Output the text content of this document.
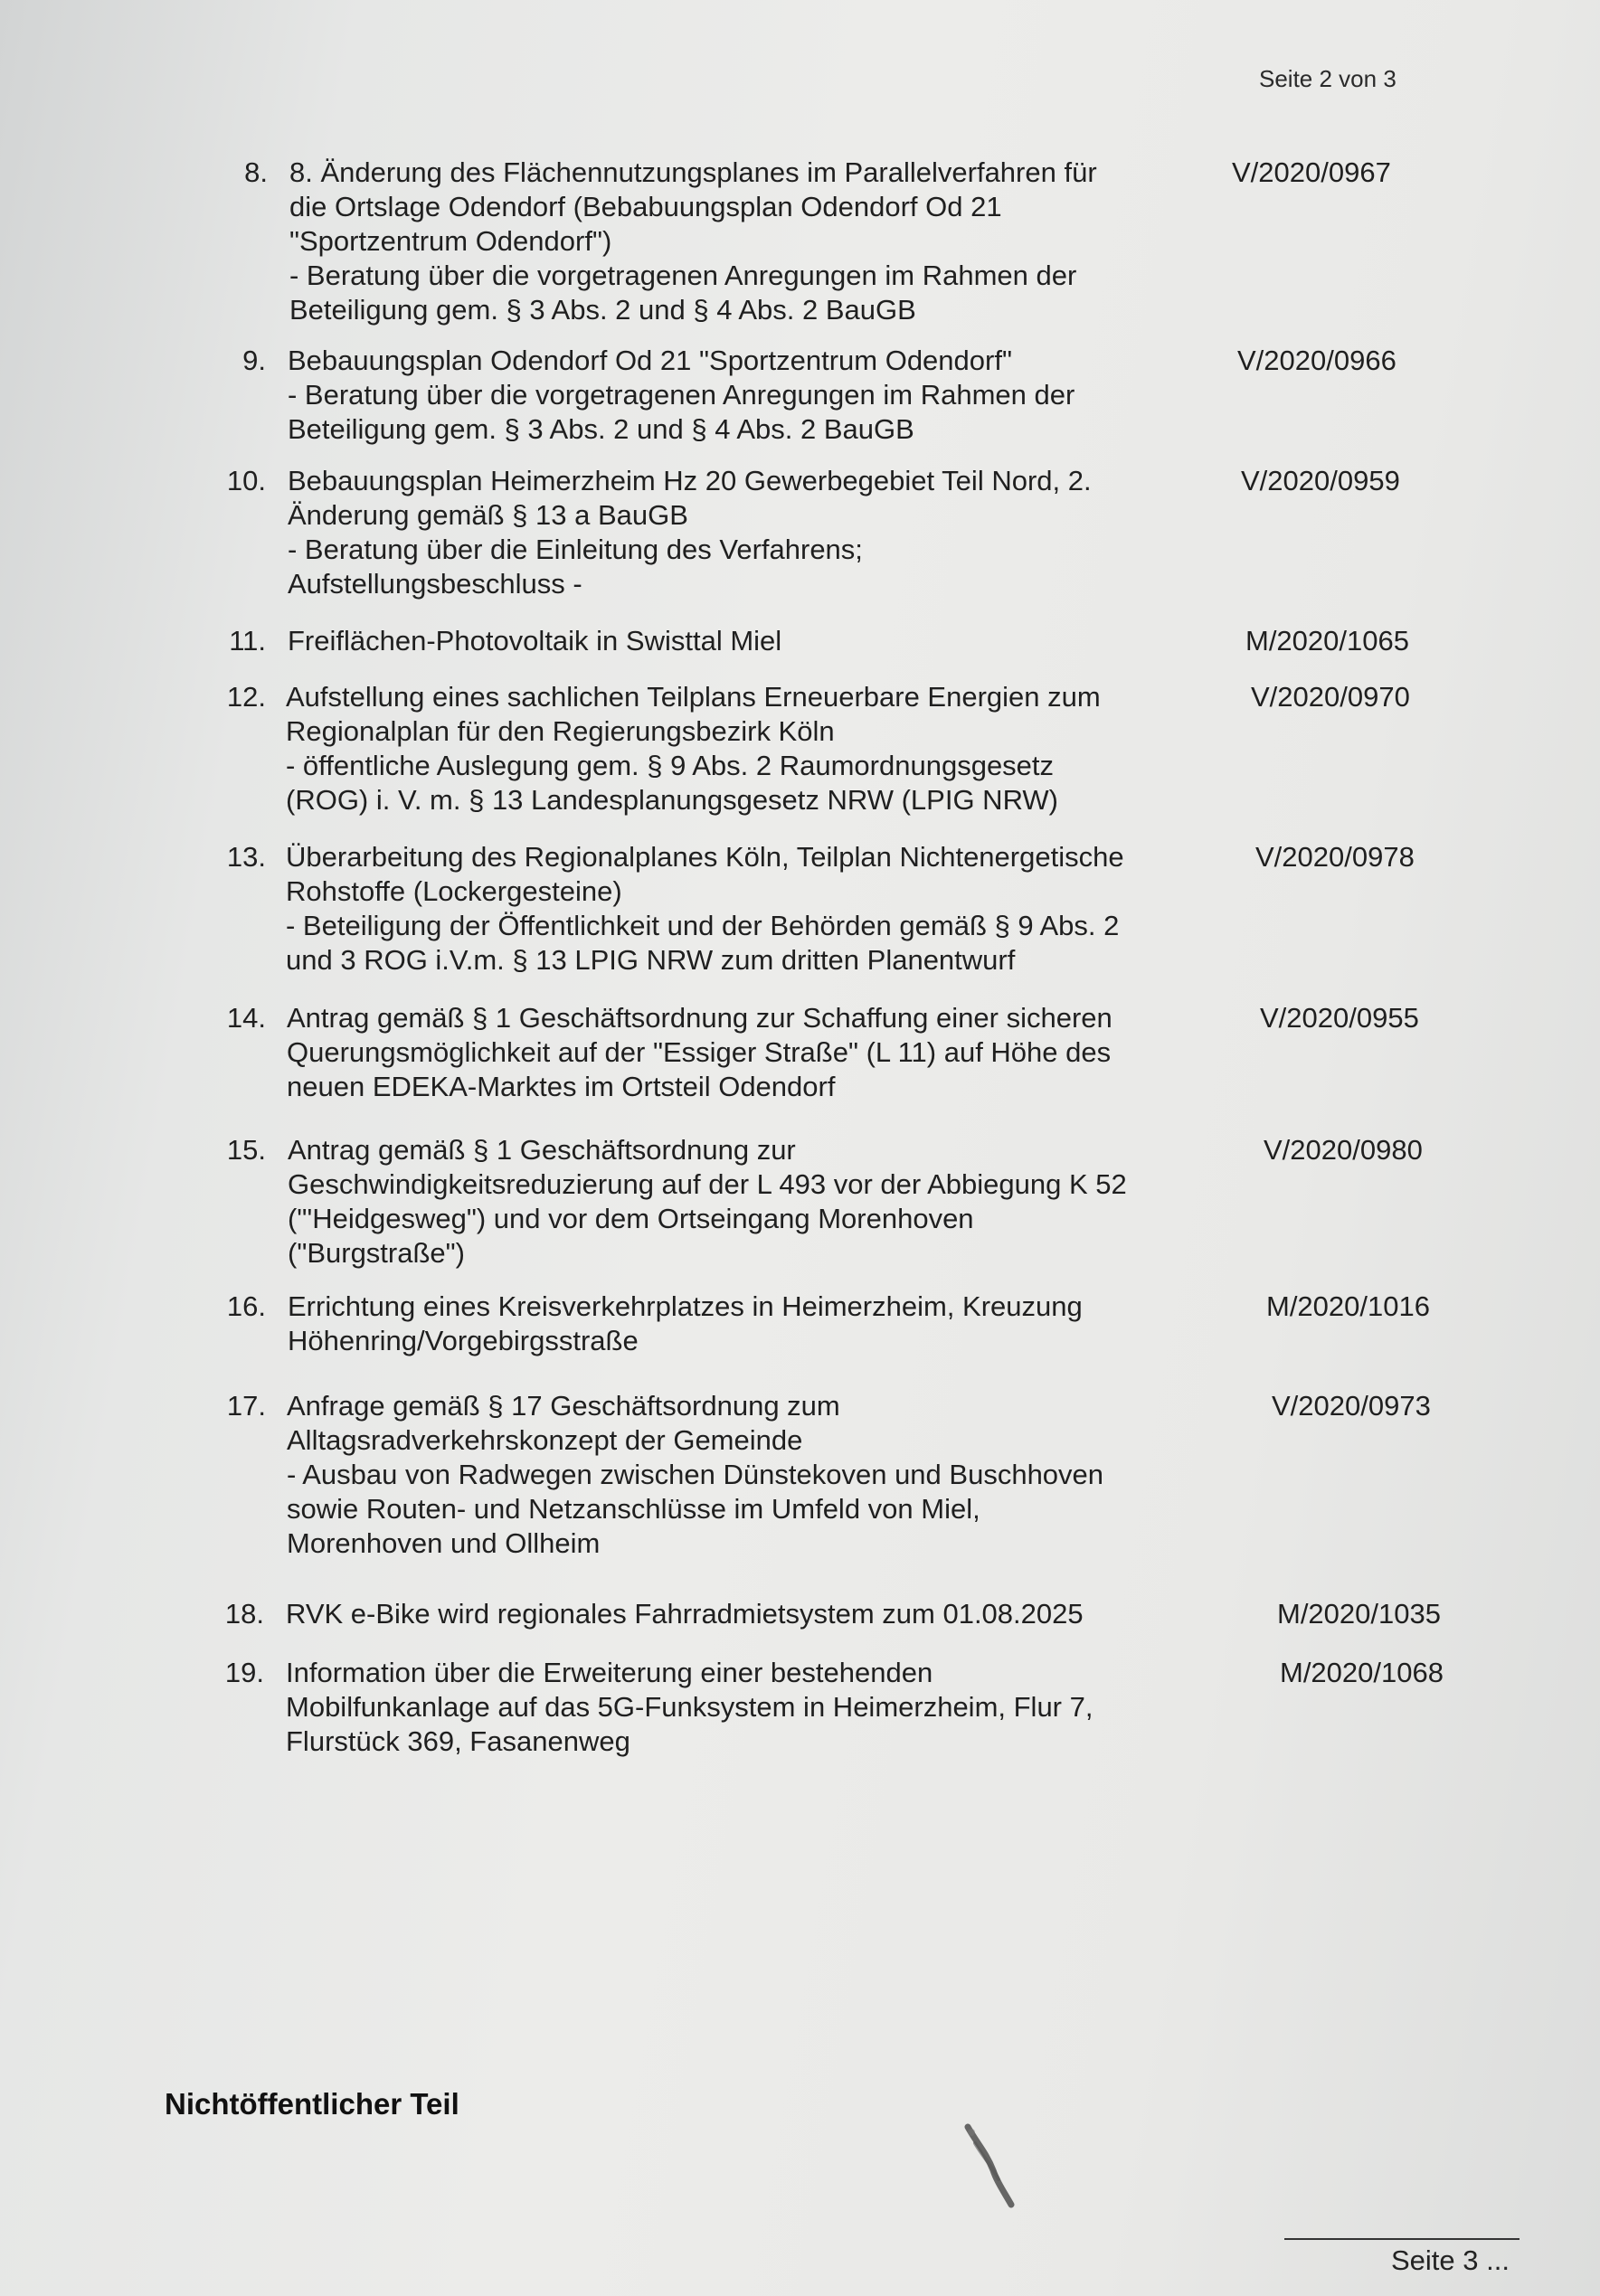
Seite 2 von 3
8. 8. Änderung des Flächennutzungsplanes im Parallelverfahren für
die Ortslage Odendorf (Bebabuungsplan Odendorf Od 21
"Sportzentrum Odendorf")
- Beratung über die vorgetragenen Anregungen im Rahmen der
Beteiligung gem. § 3 Abs. 2 und § 4 Abs. 2 BauGB
V/2020/0967
9. Bebauungsplan Odendorf Od 21 "Sportzentrum Odendorf"
- Beratung über die vorgetragenen Anregungen im Rahmen der
Beteiligung gem. § 3 Abs. 2 und § 4 Abs. 2 BauGB
V/2020/0966
10. Bebauungsplan Heimerzheim Hz 20 Gewerbegebiet Teil Nord, 2.
Änderung gemäß § 13 a BauGB
- Beratung über die Einleitung des Verfahrens;
Aufstellungsbeschluss -
V/2020/0959
11. Freiflächen-Photovoltaik in Swisttal Miel	M/2020/1065
12. Aufstellung eines sachlichen Teilplans Erneuerbare Energien zum
Regionalplan für den Regierungsbezirk Köln
- öffentliche Auslegung gem. § 9 Abs. 2 Raumordnungsgesetz
(ROG) i. V. m. § 13 Landesplanungsgesetz NRW (LPIG NRW)
V/2020/0970
13. Überarbeitung des Regionalplanes Köln, Teilplan Nichtenergetische
Rohstoffe (Lockergesteine)
- Beteiligung der Öffentlichkeit und der Behörden gemäß § 9 Abs. 2
und 3 ROG i.V.m. § 13 LPIG NRW zum dritten Planentwurf
V/2020/0978
14. Antrag gemäß § 1 Geschäftsordnung zur Schaffung einer sicheren
Querungsmöglichkeit auf der "Essiger Straße" (L 11) auf Höhe des
neuen EDEKA-Marktes im Ortsteil Odendorf
V/2020/0955
15. Antrag gemäß § 1 Geschäftsordnung zur
Geschwindigkeitsreduzierung auf der L 493 vor der Abbiegung K 52
("'Heidgesweg") und vor dem Ortseingang Morenhoven
("Burgstraße")
V/2020/0980
16. Errichtung eines Kreisverkehrplatzes in Heimerzheim, Kreuzung
Höhenring/Vorgebirgsstraße
M/2020/1016
17. Anfrage gemäß § 17 Geschäftsordnung zum
Alltagsradverkehrskonzept der Gemeinde
- Ausbau von Radwegen zwischen Dünstekoven und Buschhoven
sowie Routen- und Netzanschlüsse im Umfeld von Miel,
Morenhoven und Ollheim
V/2020/0973
18. RVK e-Bike wird regionales Fahrradmietsystem zum 01.08.2025	M/2020/1035
19. Information über die Erweiterung einer bestehenden
Mobilfunkanlage auf das 5G-Funksystem in Heimerzheim, Flur 7,
Flurstück 369, Fasanenweg
M/2020/1068
Nichtöffentlicher Teil
Seite 3 ...
